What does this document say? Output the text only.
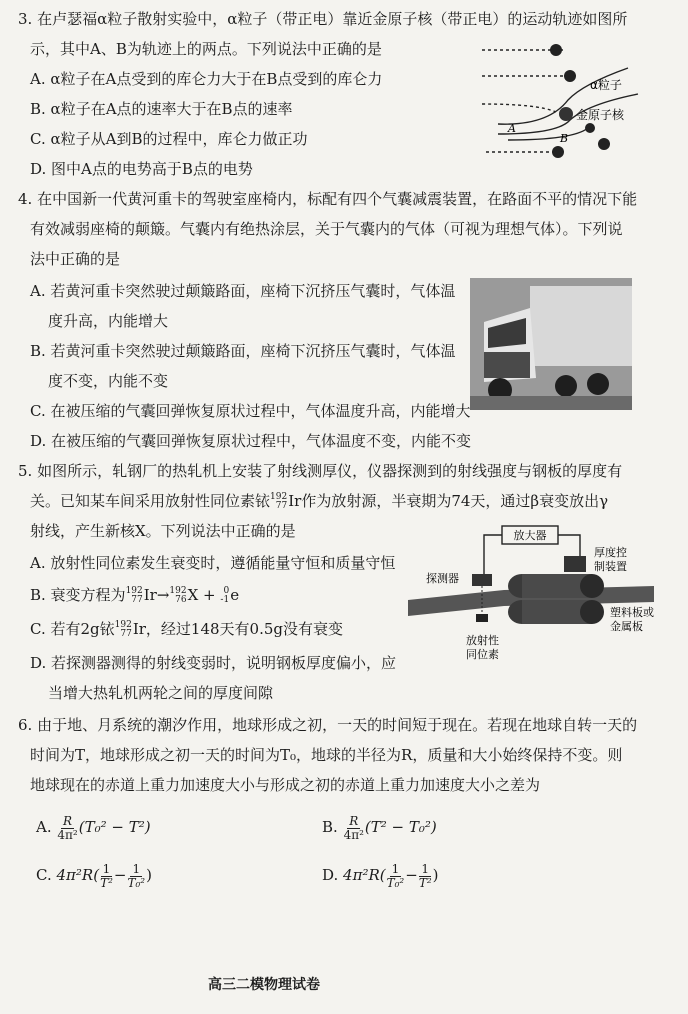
3. 在卢瑟福α粒子散射实验中，α粒子（带正电）靠近金原子核（带正电）的运动轨迹如图所
示，其中A、B为轨迹上的两点。下列说法中正确的是
A. α粒子在A点受到的库仑力大于在B点受到的库仑力
B. α粒子在A点的速率大于在B点的速率
C. α粒子从A到B的过程中，库仑力做正功
D. 图中A点的电势高于B点的电势
α粒子
金原子核
A
B
4. 在中国新一代黄河重卡的驾驶室座椅内，标配有四个气囊减震装置，在路面不平的情况下能
有效减弱座椅的颠簸。气囊内有绝热涂层，关于气囊内的气体（可视为理想气体）。下列说
法中正确的是
A. 若黄河重卡突然驶过颠簸路面，座椅下沉挤压气囊时，气体温
度升高，内能增大
B. 若黄河重卡突然驶过颠簸路面，座椅下沉挤压气囊时，气体温
度不变，内能不变
C. 在被压缩的气囊回弹恢复原状过程中，气体温度升高，内能增大
D. 在被压缩的气囊回弹恢复原状过程中，气体温度不变，内能不变
5. 如图所示，轧钢厂的热轧机上安装了射线测厚仪，仪器探测到的射线强度与钢板的厚度有
关。已知某车间采用放射性同位素铱 192
77 Ir作为放射源，半衰期为74天，通过β衰变放出γ
射线，产生新核X。下列说法中正确的是
A. 放射性同位素发生衰变时，遵循能量守恒和质量守恒
B. 衰变方程为 192
77 Ir→ 192
76 X + 0
-1 e
C. 若有2g铱 192
77 Ir，经过148天有0.5g没有衰变
D. 若探测器测得的射线变弱时，说明钢板厚度偏小，应
当增大热轧机两轮之间的厚度间隙
放大器
探测器
厚度控
制装置
塑料板或
金属板
放射性
同位素
6. 由于地、月系统的潮汐作用，地球形成之初，一天的时间短于现在。若现在地球自转一天的
时间为T，地球形成之初一天的时间为T₀，地球的半径为R，质量和大小始终保持不变。则
地球现在的赤道上重力加速度大小与形成之初的赤道上重力加速度大小之差为
A. $\frac{R}{\text{4π²}} (T_0^2 - T^2)$	B. $\frac{R}{\text{4π²}} (T^2 - T_0^2)$
C. $4\pi^2R( \frac{1}{\text{T²}} - \frac{1}{\text{T₀²}}$ )	D. $4\pi^2R( \frac{1}{\text{T₀²}} - \frac{1}{\text{T²}}$ )
高三二模物理试卷
